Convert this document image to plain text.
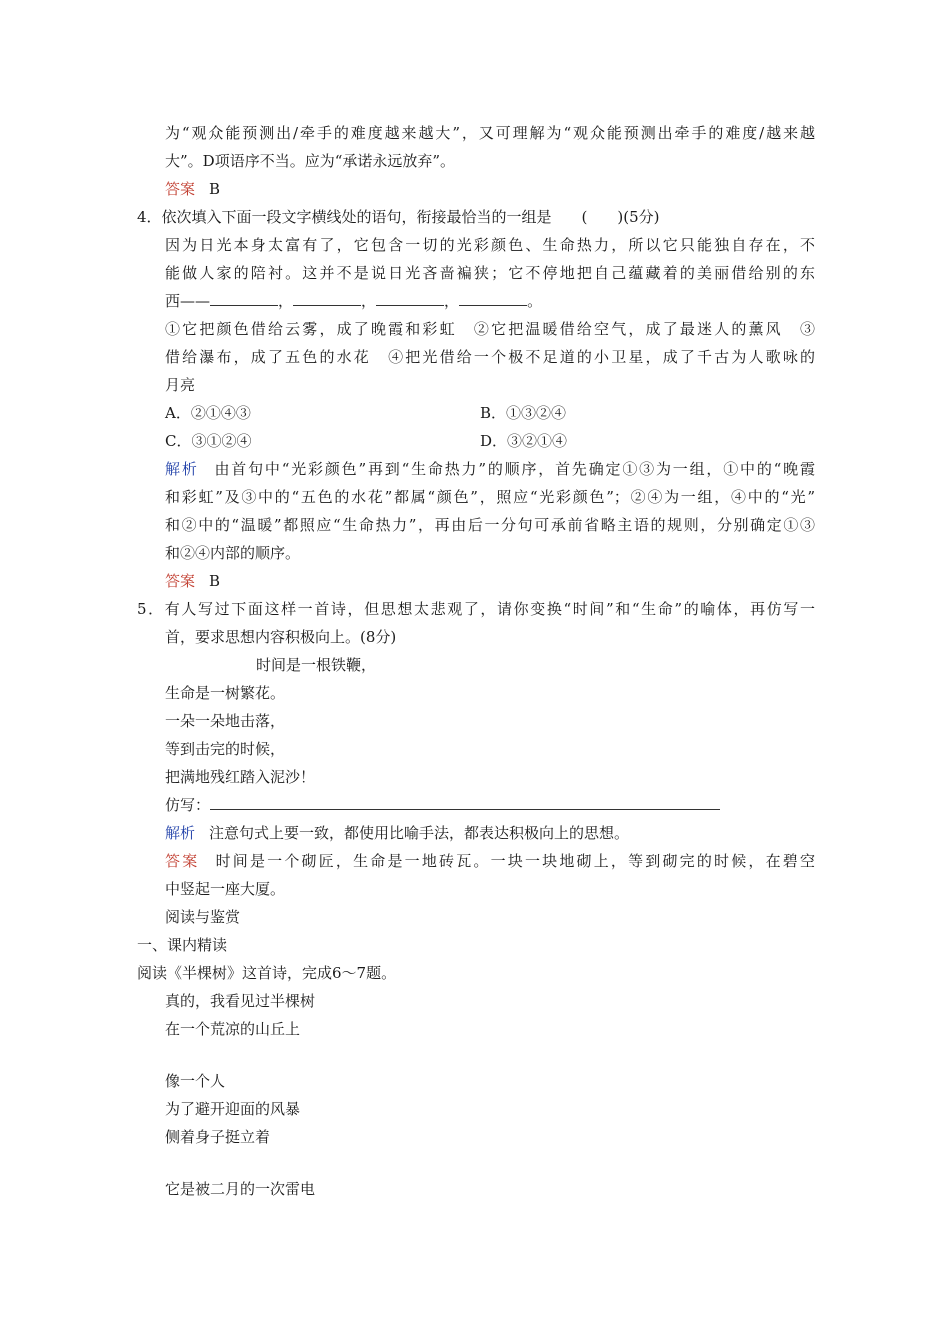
为“观众能预测出/牵手的难度越来越大”，又可理解为“观众能预测出牵手的难度/越来越
大”。D项语序不当。应为“承诺永远放弃”。
答案 B
4．依次填入下面一段文字横线处的语句，衔接最恰当的一组是　　(　　)(5分)
因为日光本身太富有了，它包含一切的光彩颜色、生命热力，所以它只能独自存在，不
能做人家的陪衬。这并不是说日光吝啬褊狭；它不停地把自己蕴藏着的美丽借给别的东
西——	，	，	，	。
①它把颜色借给云雾，成了晚霞和彩虹　②它把温暖借给空气，成了最迷人的薰风　③
借给瀑布，成了五色的水花　④把光借给一个极不足道的小卫星，成了千古为人歌咏的
月亮
A．②①④③	B．①③②④
C．③①②④	D．③②①④
解析 由首句中“光彩颜色”再到“生命热力”的顺序，首先确定①③为一组，①中的“晚霞
和彩虹”及③中的“五色的水花”都属“颜色”，照应“光彩颜色”；②④为一组，④中的“光”
和②中的“温暖”都照应“生命热力”，再由后一分句可承前省略主语的规则，分别确定①③
和②④内部的顺序。
答案 B
5．有人写过下面这样一首诗，但思想太悲观了，请你变换“时间”和“生命”的喻体，再仿写一
首，要求思想内容积极向上。(8分)
时间是一根铁鞭，
生命是一树繁花。
一朵一朵地击落，
等到击完的时候，
把满地残红踏入泥沙！
仿写：
解析 注意句式上要一致，都使用比喻手法，都表达积极向上的思想。
答案 时间是一个砌匠，生命是一地砖瓦。一块一块地砌上，等到砌完的时候，在碧空
中竖起一座大厦。
阅读与鉴赏
一、课内精读
阅读《半棵树》这首诗，完成6～7题。
真的，我看见过半棵树
在一个荒凉的山丘上
像一个人
为了避开迎面的风暴
侧着身子挺立着
它是被二月的一次雷电
